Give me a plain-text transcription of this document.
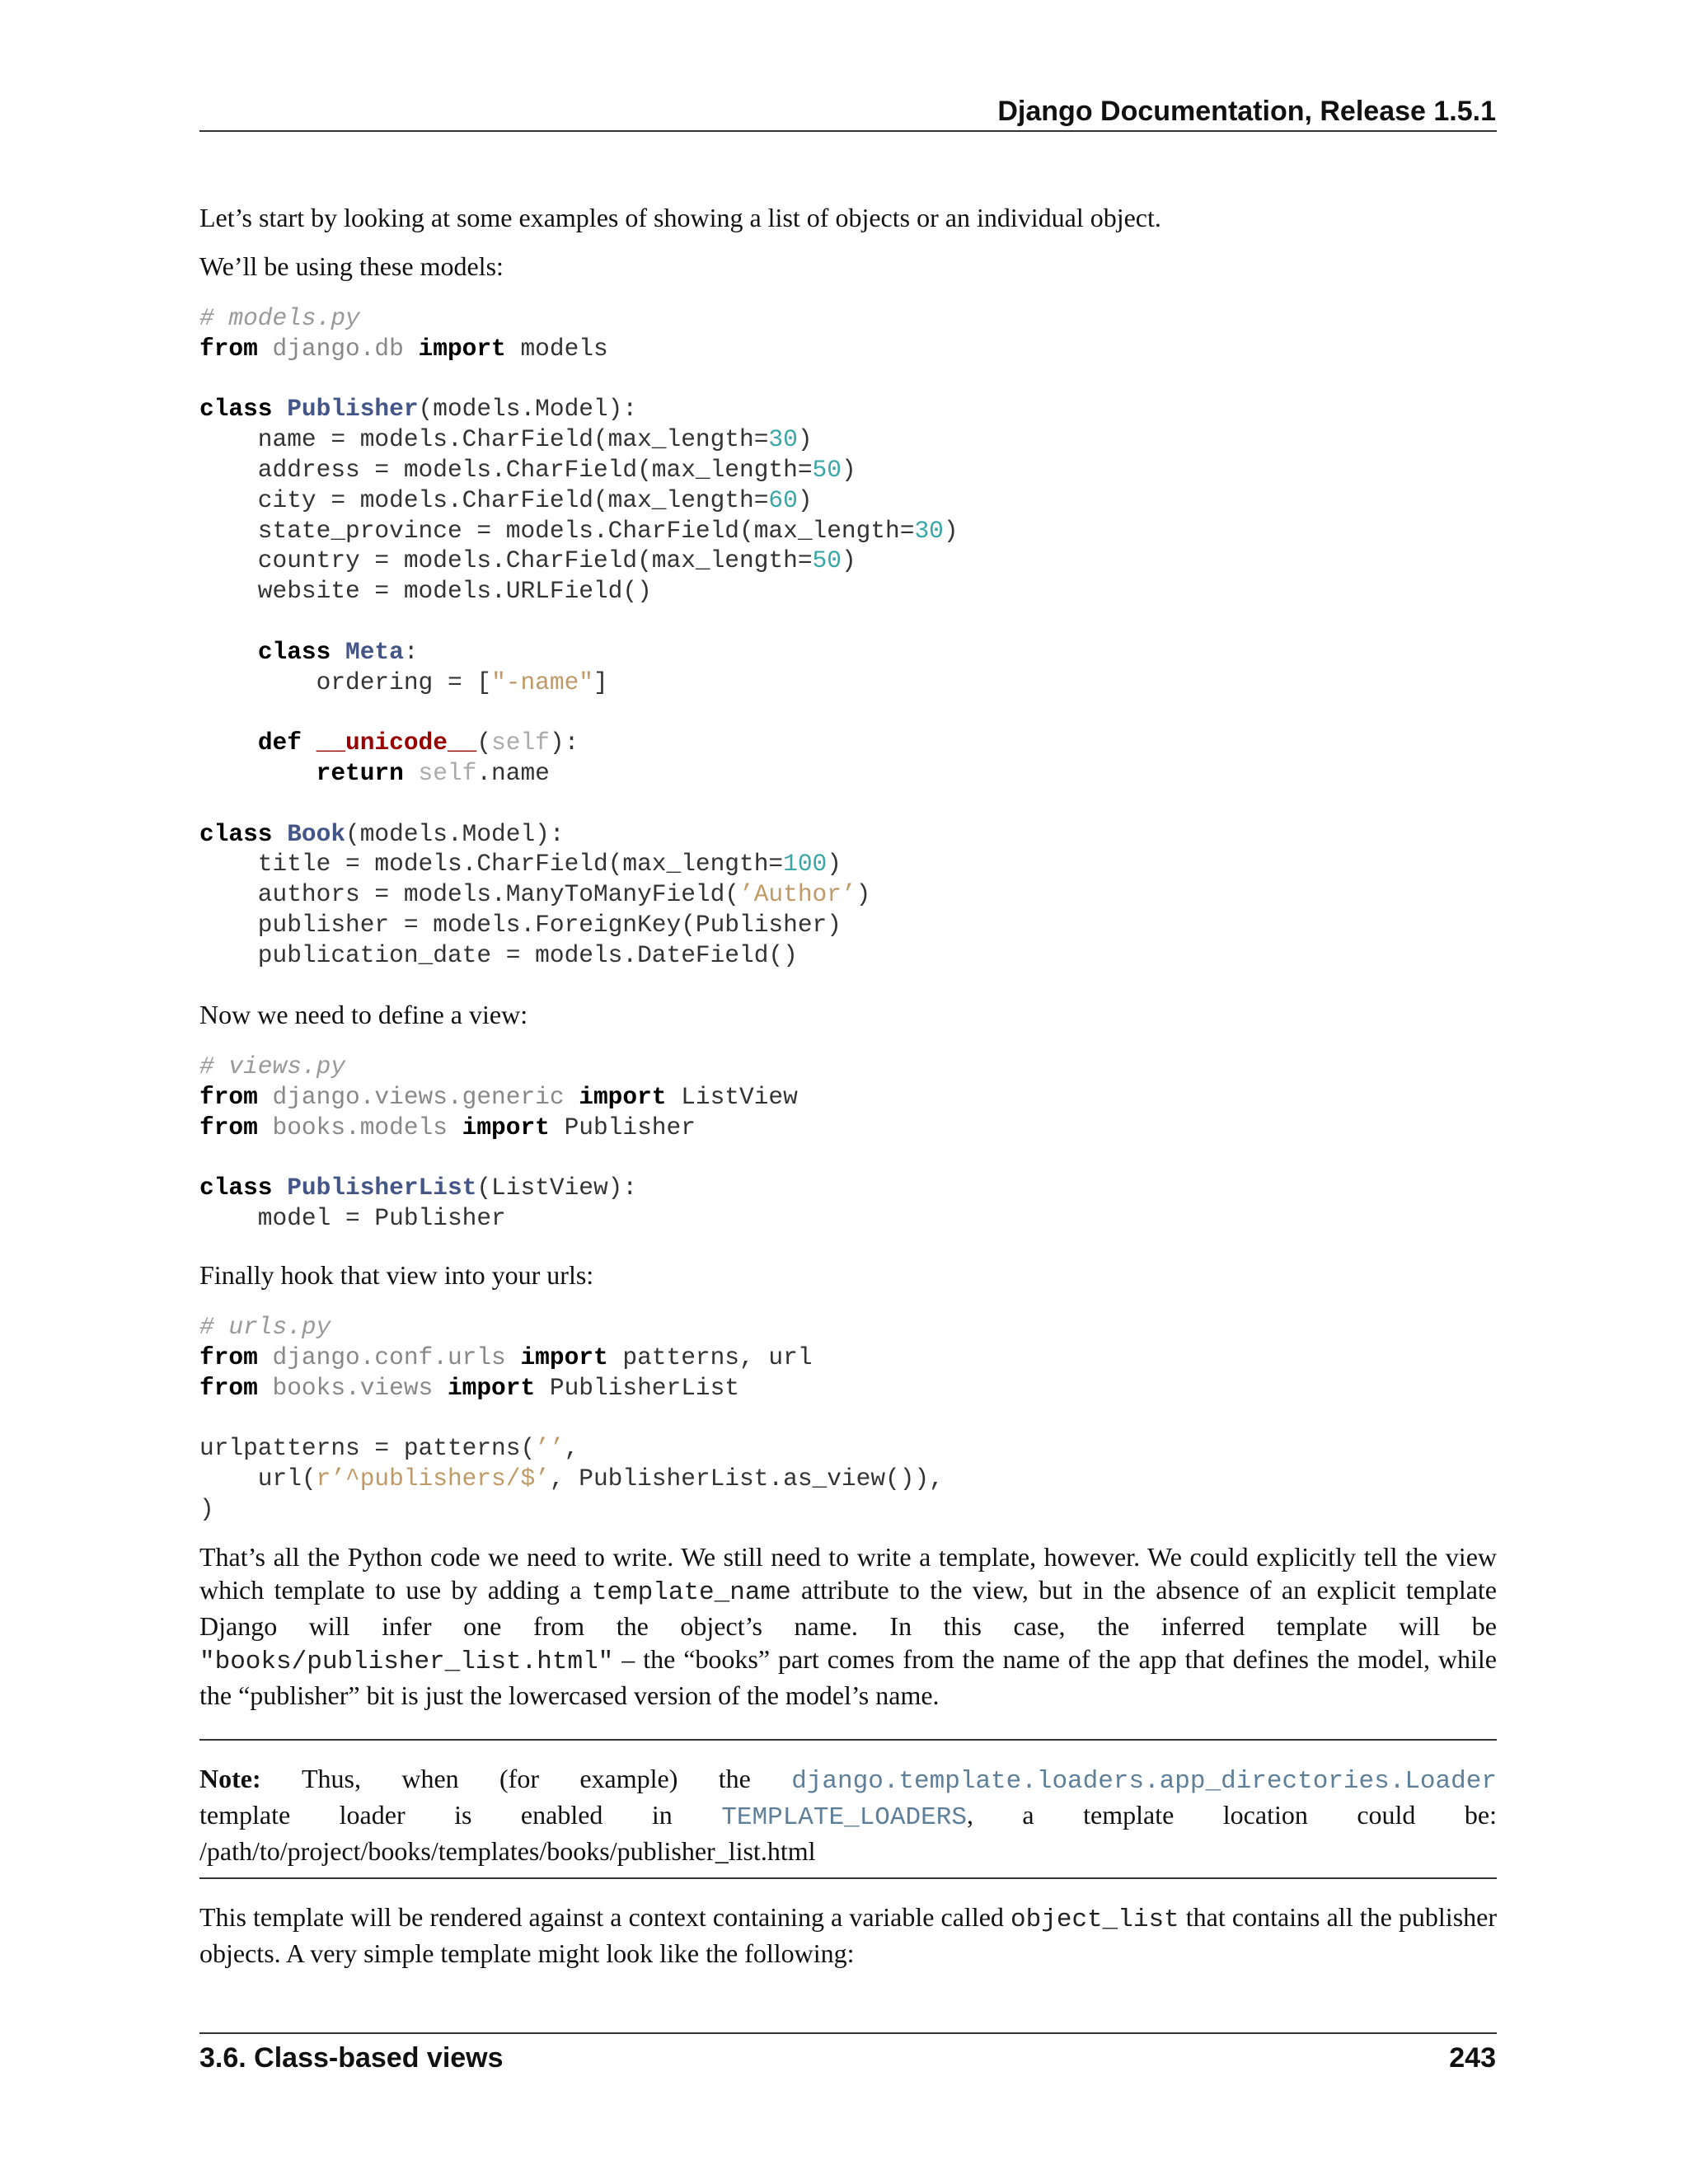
Django Documentation, Release 1.5.1

Let’s start by looking at some examples of showing a list of objects or an individual object.

We’ll be using these models:

# models.py
from django.db import models

class Publisher(models.Model):
name = models.CharField(max_length=30)
address = models.CharField(max_length=50)
city = models.CharField(max_length=60)
state_province = models.CharField(max_length=30)
country = models.CharField(max_length=50)
website = models.URLField()

class Meta:
ordering = ["-name"]

def __unicode__(self):
return self.name

class Book(models.Model):
title = models.CharField(max_length=100)
authors = models.ManyToManyField(’Author’)
publisher = models.ForeignKey(Publisher)
publication_date = models.DateField()

Now we need to define a view:

# views.py
from django.views.generic import ListView
from books.models import Publisher

class PublisherList(ListView):
model = Publisher

Finally hook that view into your urls:

# urls.py
from django.conf.urls import patterns, url
from books.views import PublisherList

urlpatterns = patterns(’’,
url(r’^publishers/$’, PublisherList.as_view()),
)

That’s all the Python code we need to write. We still need to write a template, however. We could explicitly tell the view which template to use by adding a template_name attribute to the view, but in the absence of an explicit template Django will infer one from the object’s name. In this case, the inferred template will be "books/publisher_list.html" – the “books” part comes from the name of the app that defines the model, while the “publisher” bit is just the lowercased version of the model’s name.

Note: Thus, when (for example) the django.template.loaders.app_directories.Loader
template loader is enabled in TEMPLATE_LOADERS, a template location could be:
/path/to/project/books/templates/books/publisher_list.html

This template will be rendered against a context containing a variable called object_list that contains all the publisher objects. A very simple template might look like the following:

3.6. Class-based views	243
